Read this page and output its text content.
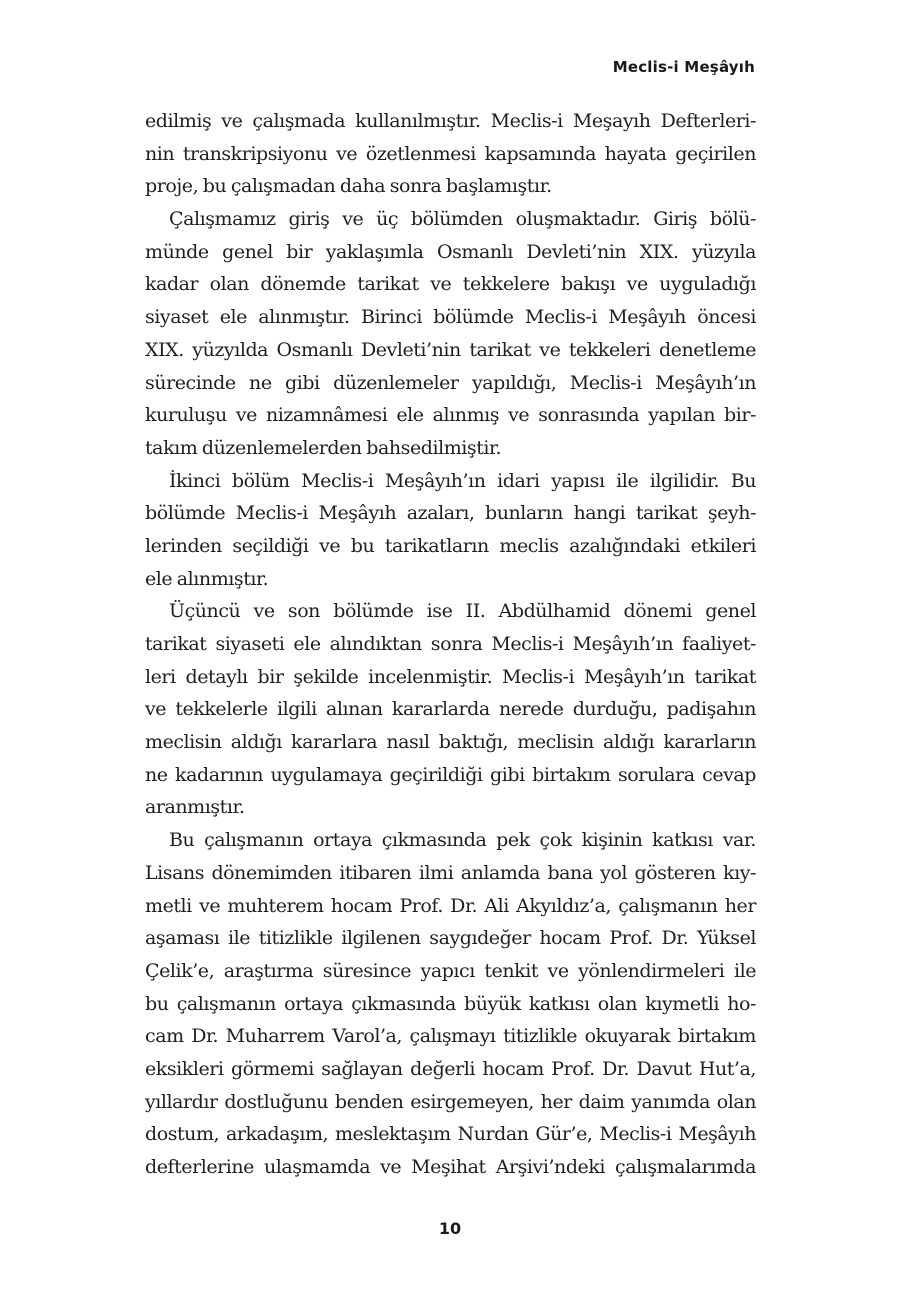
Meclis-i Meşâyıh
edilmiş ve çalışmada kullanılmıştır. Meclis-i Meşayıh Defterleri-
nin transkripsiyonu ve özetlenmesi kapsamında hayata geçirilen
proje, bu çalışmadan daha sonra başlamıştır.
Çalışmamız giriş ve üç bölümden oluşmaktadır. Giriş bölü-
münde genel bir yaklaşımla Osmanlı Devleti’nin XIX. yüzyıla
kadar olan dönemde tarikat ve tekkelere bakışı ve uyguladığı
siyaset ele alınmıştır. Birinci bölümde Meclis-i Meşâyıh öncesi
XIX. yüzyılda Osmanlı Devleti’nin tarikat ve tekkeleri denetleme
sürecinde ne gibi düzenlemeler yapıldığı, Meclis-i Meşâyıh’ın
kuruluşu ve nizamnâmesi ele alınmış ve sonrasında yapılan bir-
takım düzenlemelerden bahsedilmiştir.
İkinci bölüm Meclis-i Meşâyıh’ın idari yapısı ile ilgilidir. Bu
bölümde Meclis-i Meşâyıh azaları, bunların hangi tarikat şeyh-
lerinden seçildiği ve bu tarikatların meclis azalığındaki etkileri
ele alınmıştır.
Üçüncü ve son bölümde ise II. Abdülhamid dönemi genel
tarikat siyaseti ele alındıktan sonra Meclis-i Meşâyıh’ın faaliyet-
leri detaylı bir şekilde incelenmiştir. Meclis-i Meşâyıh’ın tarikat
ve tekkelerle ilgili alınan kararlarda nerede durduğu, padişahın
meclisin aldığı kararlara nasıl baktığı, meclisin aldığı kararların
ne kadarının uygulamaya geçirildiği gibi birtakım sorulara cevap
aranmıştır.
Bu çalışmanın ortaya çıkmasında pek çok kişinin katkısı var.
Lisans dönemimden itibaren ilmi anlamda bana yol gösteren kıy-
metli ve muhterem hocam Prof. Dr. Ali Akyıldız’a, çalışmanın her
aşaması ile titizlikle ilgilenen saygıdeğer hocam Prof. Dr. Yüksel
Çelik’e, araştırma süresince yapıcı tenkit ve yönlendirmeleri ile
bu çalışmanın ortaya çıkmasında büyük katkısı olan kıymetli ho-
cam Dr. Muharrem Varol’a, çalışmayı titizlikle okuyarak birtakım
eksikleri görmemi sağlayan değerli hocam Prof. Dr. Davut Hut’a,
yıllardır dostluğunu benden esirgemeyen, her daim yanımda olan
dostum, arkadaşım, meslektaşım Nurdan Gür’e, Meclis-i Meşâyıh
defterlerine ulaşmamda ve Meşihat Arşivi’ndeki çalışmalarımda
10
